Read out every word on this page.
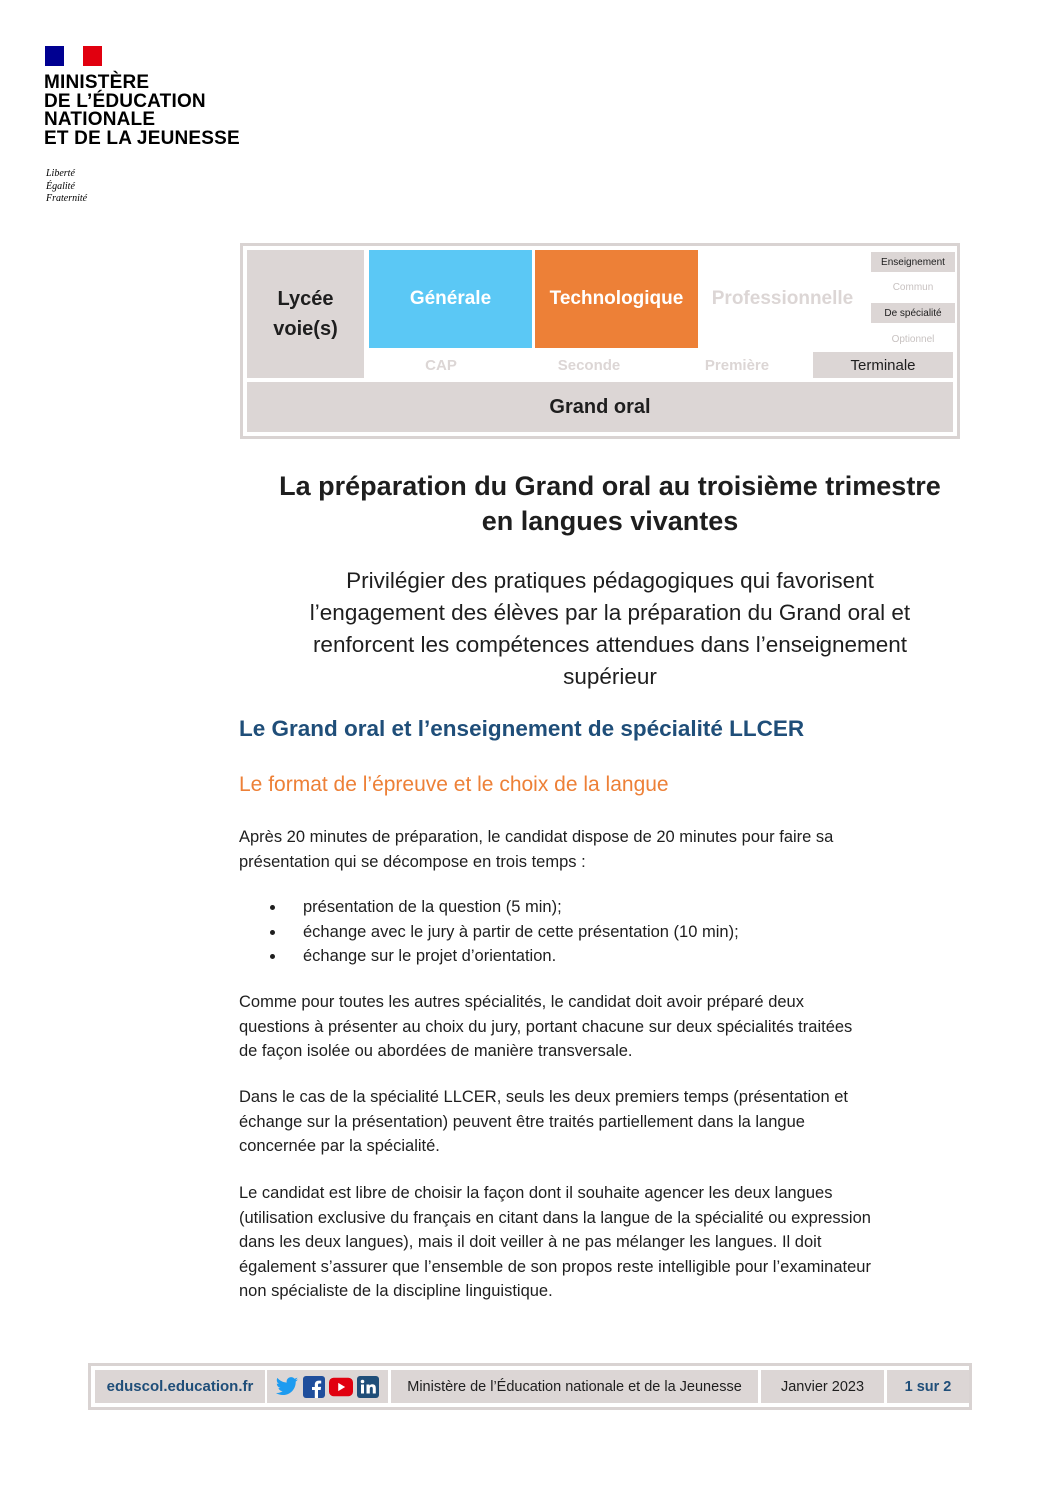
MINISTÈRE
DE L’ÉDUCATION
NATIONALE
ET DE LA JEUNESSE
Liberté
Égalité
Fraternité
Lycée
voie(s)
Générale	Technologique	Professionnelle
Enseignement
Commun
De spécialité
Optionnel
CAP	Seconde	Première	Terminale
Grand oral
La préparation du Grand oral au troisième trimestre
en langues vivantes
Privilégier des pratiques pédagogiques qui favorisent
l’engagement des élèves par la préparation du Grand oral et
renforcent les compétences attendues dans l’enseignement
supérieur
Le Grand oral et l’enseignement de spécialité LLCER
Le format de l’épreuve et le choix de la langue
Après 20 minutes de préparation, le candidat dispose de 20 minutes pour faire sa
présentation qui se décompose en trois temps :
présentation de la question (5 min);
échange avec le jury à partir de cette présentation (10 min);
échange sur le projet d’orientation.
Comme pour toutes les autres spécialités, le candidat doit avoir préparé deux
questions à présenter au choix du jury, portant chacune sur deux spécialités traitées
de façon isolée ou abordées de manière transversale.
Dans le cas de la spécialité LLCER, seuls les deux premiers temps (présentation et
échange sur la présentation) peuvent être traités partiellement dans la langue
concernée par la spécialité.
Le candidat est libre de choisir la façon dont il souhaite agencer les deux langues
(utilisation exclusive du français en citant dans la langue de la spécialité ou expression
dans les deux langues), mais il doit veiller à ne pas mélanger les langues. Il doit
également s’assurer que l’ensemble de son propos reste intelligible pour l’examinateur
non spécialiste de la discipline linguistique.
eduscol.education.fr	Ministère de l’Éducation nationale et de la Jeunesse	Janvier 2023	1 sur 2
